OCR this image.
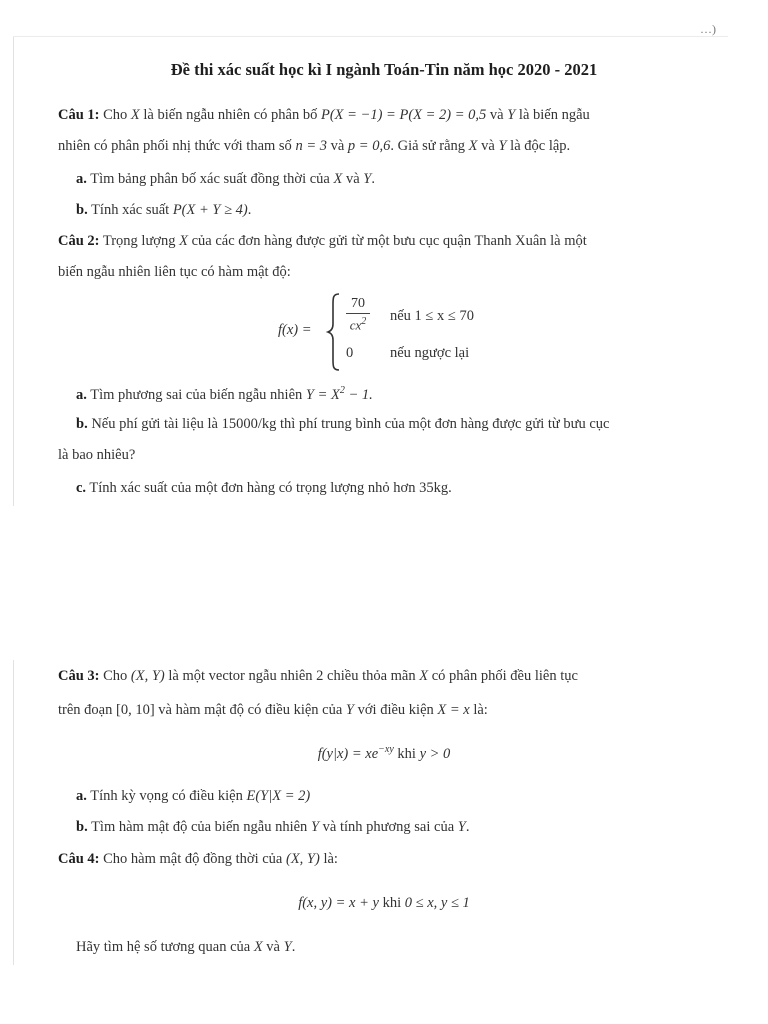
…)
Đề thi xác suất học kì I ngành Toán-Tin năm học 2020 - 2021
Câu 1: Cho X là biến ngẫu nhiên có phân bố P(X = −1) = P(X = 2) = 0,5 và Y là biến ngẫu
nhiên có phân phối nhị thức với tham số n = 3 và p = 0,6. Giả sử rằng X và Y là độc lập.
a. Tìm bảng phân bố xác suất đồng thời của X và Y.
b. Tính xác suất P(X + Y ≥ 4).
Câu 2: Trọng lượng X của các đơn hàng được gửi từ một bưu cục quận Thanh Xuân là một
biến ngẫu nhiên liên tục có hàm mật độ:
f(x) =
70
$cx^2$ nếu 1 ≤ x ≤ 70
0	nếu ngược lại
a. Tìm phương sai của biến ngẫu nhiên $Y = X^2 - 1$.
b. Nếu phí gửi tài liệu là 15000/kg thì phí trung bình của một đơn hàng được gửi từ bưu cục
là bao nhiêu?
c. Tính xác suất của một đơn hàng có trọng lượng nhỏ hơn 35kg.
Câu 3: Cho (X, Y) là một vector ngẫu nhiên 2 chiều thỏa mãn X có phân phối đều liên tục
trên đoạn [0, 10] và hàm mật độ có điều kiện của Y với điều kiện X = x là:
$f(y|x) = xe^{-xy}$ khi y > 0
a. Tính kỳ vọng có điều kiện E(Y|X = 2)
b. Tìm hàm mật độ của biến ngẫu nhiên Y và tính phương sai của Y.
Câu 4: Cho hàm mật độ đồng thời của (X, Y) là:
f(x, y) = x + y khi 0 ≤ x, y ≤ 1
Hãy tìm hệ số tương quan của X và Y.
